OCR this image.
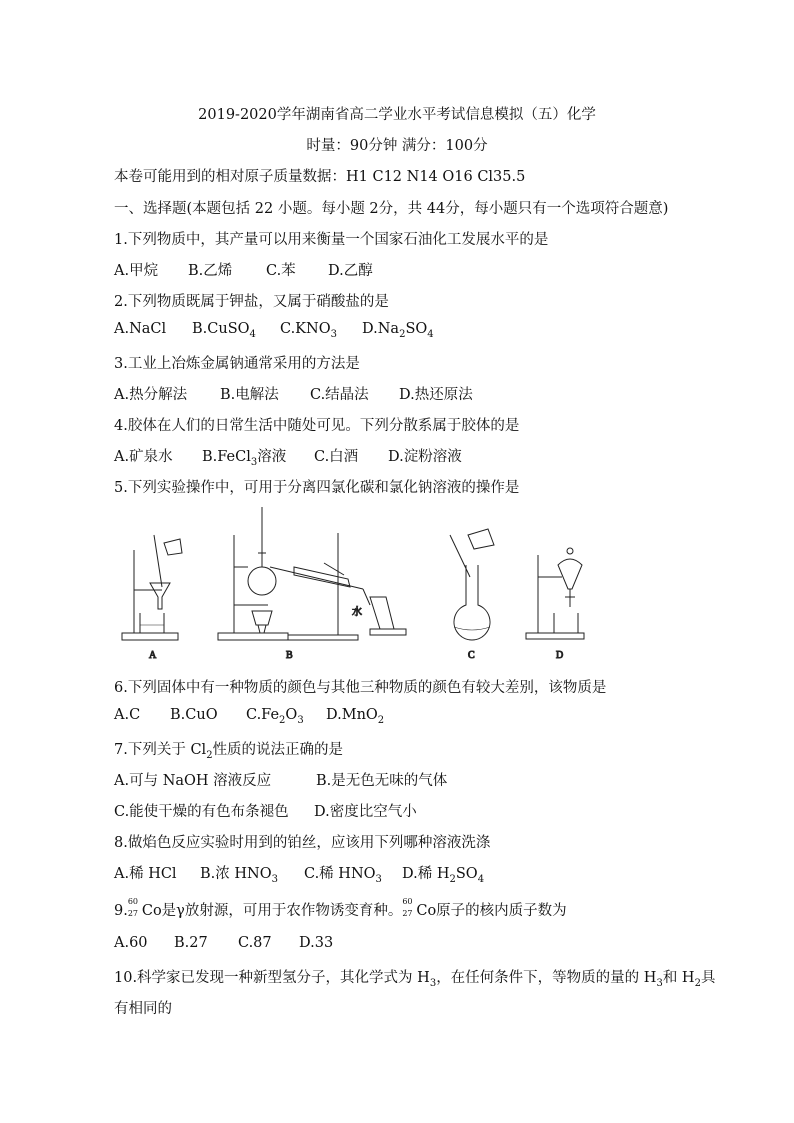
2019-2020学年湖南省高二学业水平考试信息模拟（五）化学
时量：90分钟 满分：100分
本卷可能用到的相对原子质量数据：H1 C12 N14 O16 Cl35.5
一、选择题(本题包括 22 小题。每小题 2分，共 44分，每小题只有一个选项符合题意)
1.下列物质中，其产量可以用来衡量一个国家石油化工发展水平的是
A.甲烷 B.乙烯 C.苯 D.乙醇
2.下列物质既属于钾盐，又属于硝酸盐的是
A.NaCl B.CuSO$_4$ $C.KNO_3$ $D.Na_2SO_4$
3.工业上冶炼金属钠通常采用的方法是
A.热分解法 B.电解法 C.结晶法 D.热还原法
4.胶体在人们的日常生活中随处可见。下列分散系属于胶体的是
A.矿泉水 B.FeCl$_3$溶液 C.白酒 D.淀粉溶液
5.下列实验操作中，可用于分离四氯化碳和氯化钠溶液的操作是
A
水
B	C	D
6.下列固体中有一种物质的颜色与其他三种物质的颜色有较大差别，该物质是
A.C B.CuO $C.Fe_2O_3$ D.MnO$_2$
7.下列关于 $Cl_2$性质的说法正确的是
A.可与 NaOH 溶液反应	B.是无色无味的气体
C.能使干燥的有色布条褪色 D.密度比空气小
8.做焰色反应实验时用到的铂丝，应该用下列哪种溶液洗涤
A.稀 HCl B.浓 $HNO_3$ C.稀 $HNO_3$ D.稀 $H_2SO_4$
9.
60
27 Co是γ放射源，可用于农作物诱变育种。
60
27 Co原子的核内质子数为
A.60 B.27 C.87 D.33
10.科学家已发现一种新型氢分子，其化学式为 $H_3$，在任何条件下，等物质的量的 $H_3$和 $H_2$具
有相同的
